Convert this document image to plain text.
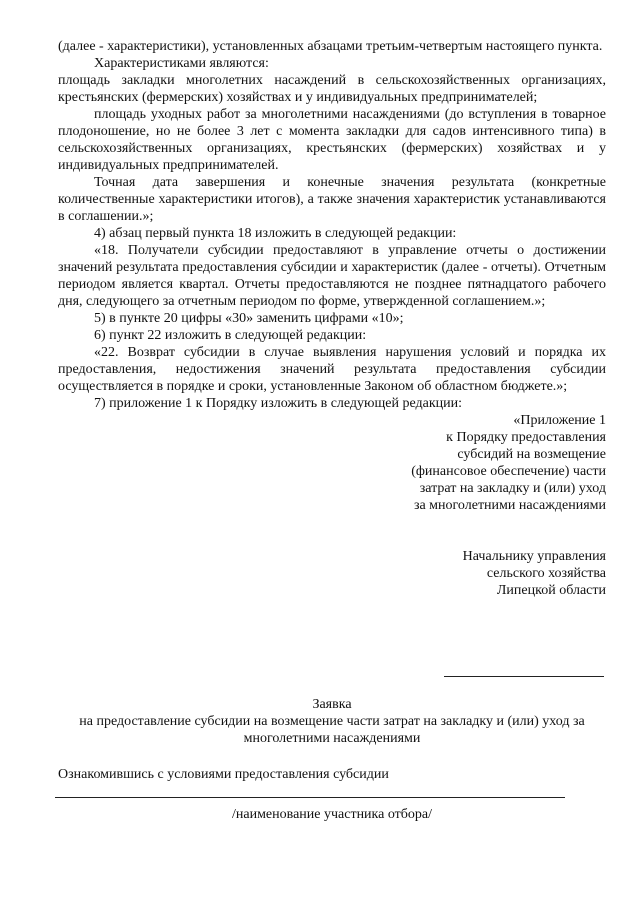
(далее - характеристики), установленных абзацами третьим-четвертым настоящего пункта.

Характеристиками являются:

площадь закладки многолетних насаждений в сельскохозяйственных организациях, крестьянских (фермерских) хозяйствах и у индивидуальных предпринимателей;

площадь уходных работ за многолетними насаждениями (до вступления в товарное плодоношение, но не более 3 лет с момента закладки для садов интенсивного типа) в сельскохозяйственных организациях, крестьянских (фермерских) хозяйствах и у индивидуальных предпринимателей.

Точная дата завершения и конечные значения результата (конкретные количественные характеристики итогов), а также значения характеристик устанавливаются в соглашении.»;

4) абзац первый пункта 18 изложить в следующей редакции:

«18. Получатели субсидии предоставляют в управление отчеты о достижении значений результата предоставления субсидии и характеристик (далее - отчеты). Отчетным периодом является квартал. Отчеты предоставляются не позднее пятнадцатого рабочего дня, следующего за отчетным периодом по форме, утвержденной соглашением.»;

5) в пункте 20 цифры «30» заменить цифрами «10»;

6) пункт 22 изложить в следующей редакции:

«22. Возврат субсидии в случае выявления нарушения условий и порядка их предоставления, недостижения значений результата предоставления субсидии осуществляется в порядке и сроки, установленные Законом об областном бюджете.»;

7) приложение 1 к Порядку изложить в следующей редакции:

«Приложение 1

к Порядку предоставления

субсидий на возмещение

(финансовое обеспечение) части

затрат на закладку и (или) уход

за многолетними насаждениями

Начальнику управления

сельского хозяйства

Липецкой области

Заявка

на предоставление субсидии на возмещение части затрат на закладку и (или) уход за

многолетними насаждениями

Ознакомившись с условиями предоставления субсидии

/наименование участника отбора/
